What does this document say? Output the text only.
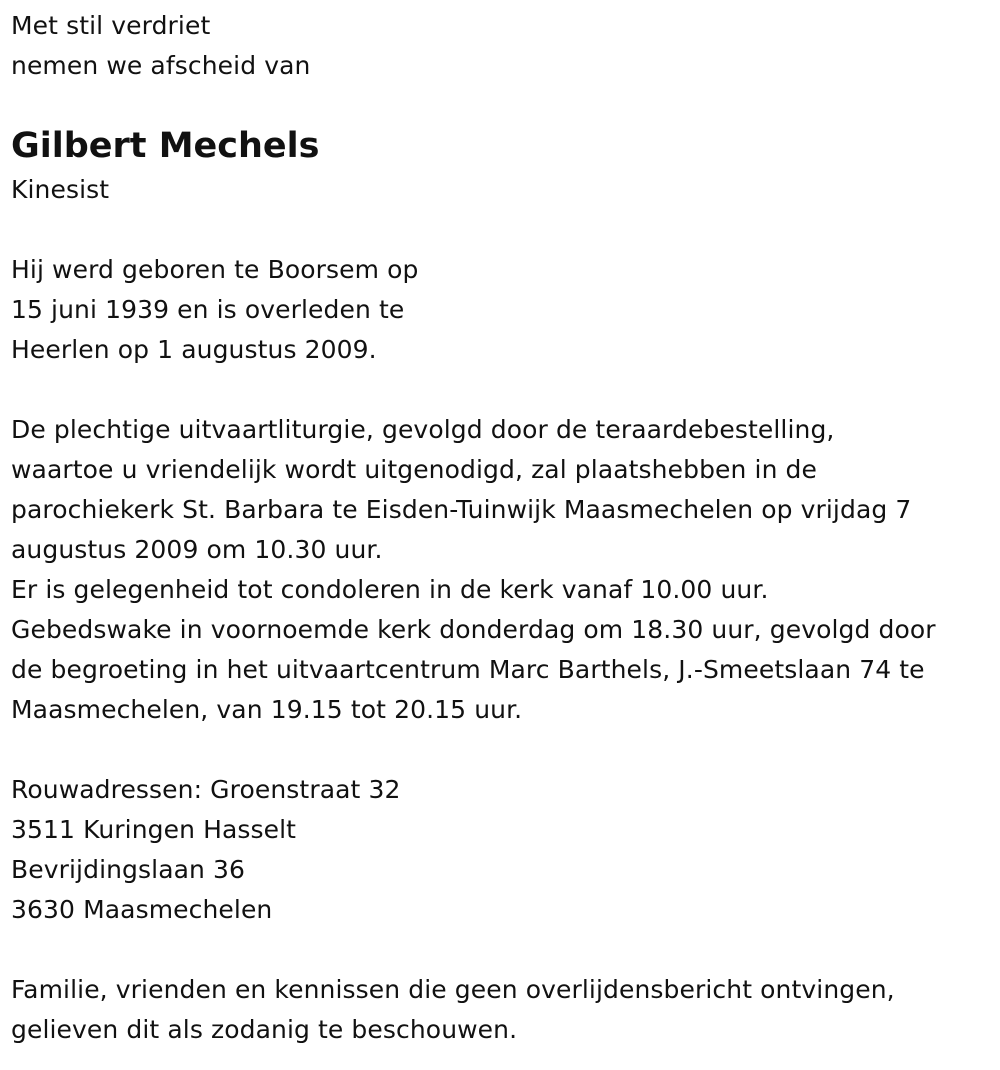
Met stil verdriet
nemen we afscheid van
Gilbert Mechels
Kinesist
Hij werd geboren te Boorsem op
15 juni 1939 en is overleden te
Heerlen op 1 augustus 2009.
De plechtige uitvaartliturgie, gevolgd door de teraardebestelling,
waartoe u vriendelijk wordt uitgenodigd, zal plaatshebben in de
parochiekerk St. Barbara te Eisden-Tuinwijk Maasmechelen op vrijdag 7
augustus 2009 om 10.30 uur.
Er is gelegenheid tot condoleren in de kerk vanaf 10.00 uur.
Gebedswake in voornoemde kerk donderdag om 18.30 uur, gevolgd door
de begroeting in het uitvaartcentrum Marc Barthels, J.-Smeetslaan 74 te
Maasmechelen, van 19.15 tot 20.15 uur.
Rouwadressen: Groenstraat 32
3511 Kuringen Hasselt
Bevrijdingslaan 36
3630 Maasmechelen
Familie, vrienden en kennissen die geen overlijdensbericht ontvingen,
gelieven dit als zodanig te beschouwen.
